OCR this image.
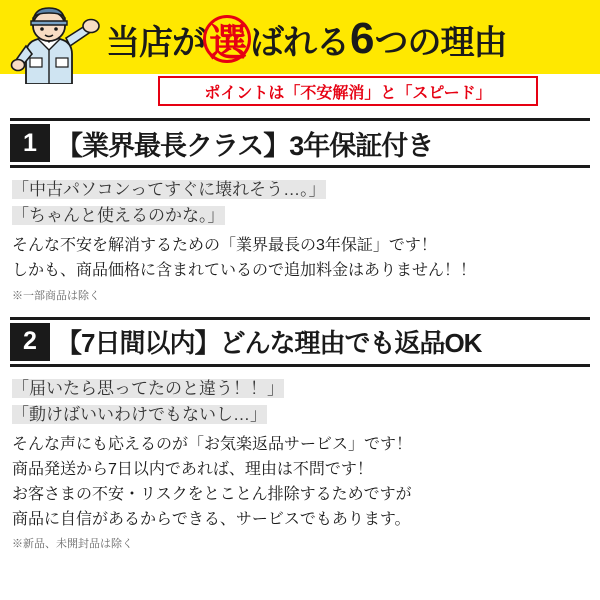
当店が 選 ばれる 6 つの理由
ポイントは「不安解消」と「スピード」
1 【業界最長クラス】3年保証付き

「中古パソコンってすぐに壊れそう…。」

「ちゃんと使えるのかな。」

そんな不安を解消するための「業界最長の3年保証」です！

しかも、商品価格に含まれているので追加料金はありません！！

※一部商品は除く

2 【7日間以内】どんな理由でも返品OK

「届いたら思ってたのと違う！！」

「動けばいいわけでもないし…」

そんな声にも応えるのが「お気楽返品サービス」です！

商品発送から7日以内であれば、理由は不問です！

お客さまの不安・リスクをとことん排除するためですが

商品に自信があるからできる、サービスでもあります。

※新品、未開封品は除く
